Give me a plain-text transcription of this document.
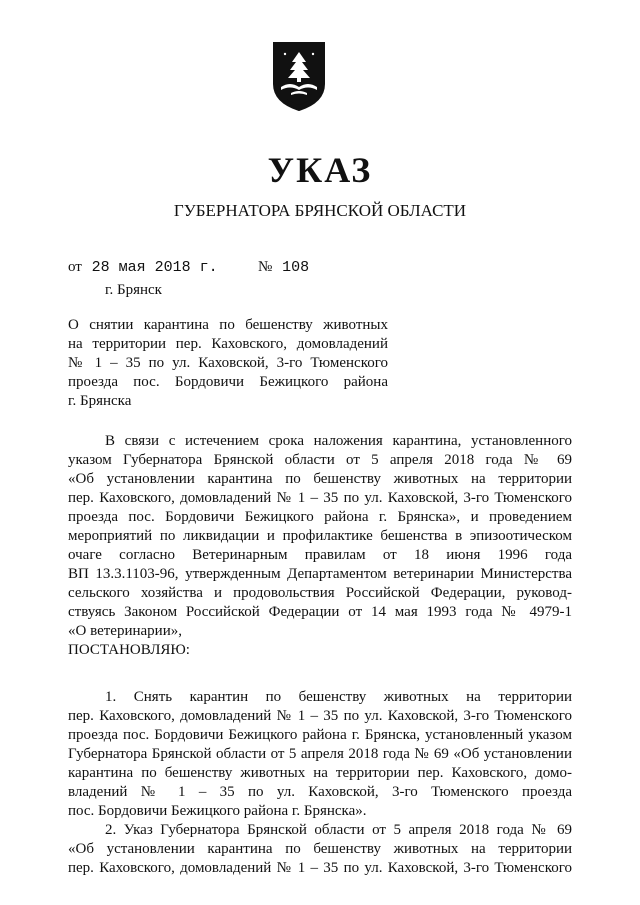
УКАЗ
ГУБЕРНАТОРА БРЯНСКОЙ ОБЛАСТИ
от 28 мая 2018 г.	№ 108
г. Брянск
О снятии карантина по бешенству животных
на территории пер. Каховского, домовладений
№ 1 – 35 по ул. Каховской, 3-го Тюменского
проезда пос. Бордовичи Бежицкого района
г. Брянска
В связи с истечением срока наложения карантина, установленного
указом Губернатора Брянской области от 5 апреля 2018 года № 69
«Об установлении карантина по бешенству животных на территории
пер. Каховского, домовладений № 1 – 35 по ул. Каховской, 3-го Тюменского
проезда пос. Бордовичи Бежицкого района г. Брянска», и проведением
мероприятий по ликвидации и профилактике бешенства в эпизоотическом
очаге согласно Ветеринарным правилам от 18 июня 1996 года
ВП 13.3.1103-96, утвержденным Департаментом ветеринарии Министерства
сельского хозяйства и продовольствия Российской Федерации, руковод-
ствуясь Законом Российской Федерации от 14 мая 1993 года № 4979-1
«О ветеринарии»,
ПОСТАНОВЛЯЮ:
1. Снять карантин по бешенству животных на территории
пер. Каховского, домовладений № 1 – 35 по ул. Каховской, 3-го Тюменского
проезда пос. Бордовичи Бежицкого района г. Брянска, установленный указом
Губернатора Брянской области от 5 апреля 2018 года № 69 «Об установлении
карантина по бешенству животных на территории пер. Каховского, домо-
владений № 1 – 35 по ул. Каховской, 3-го Тюменского проезда
пос. Бордовичи Бежицкого района г. Брянска».
2. Указ Губернатора Брянской области от 5 апреля 2018 года № 69
«Об установлении карантина по бешенству животных на территории
пер. Каховского, домовладений № 1 – 35 по ул. Каховской, 3-го Тюменского
